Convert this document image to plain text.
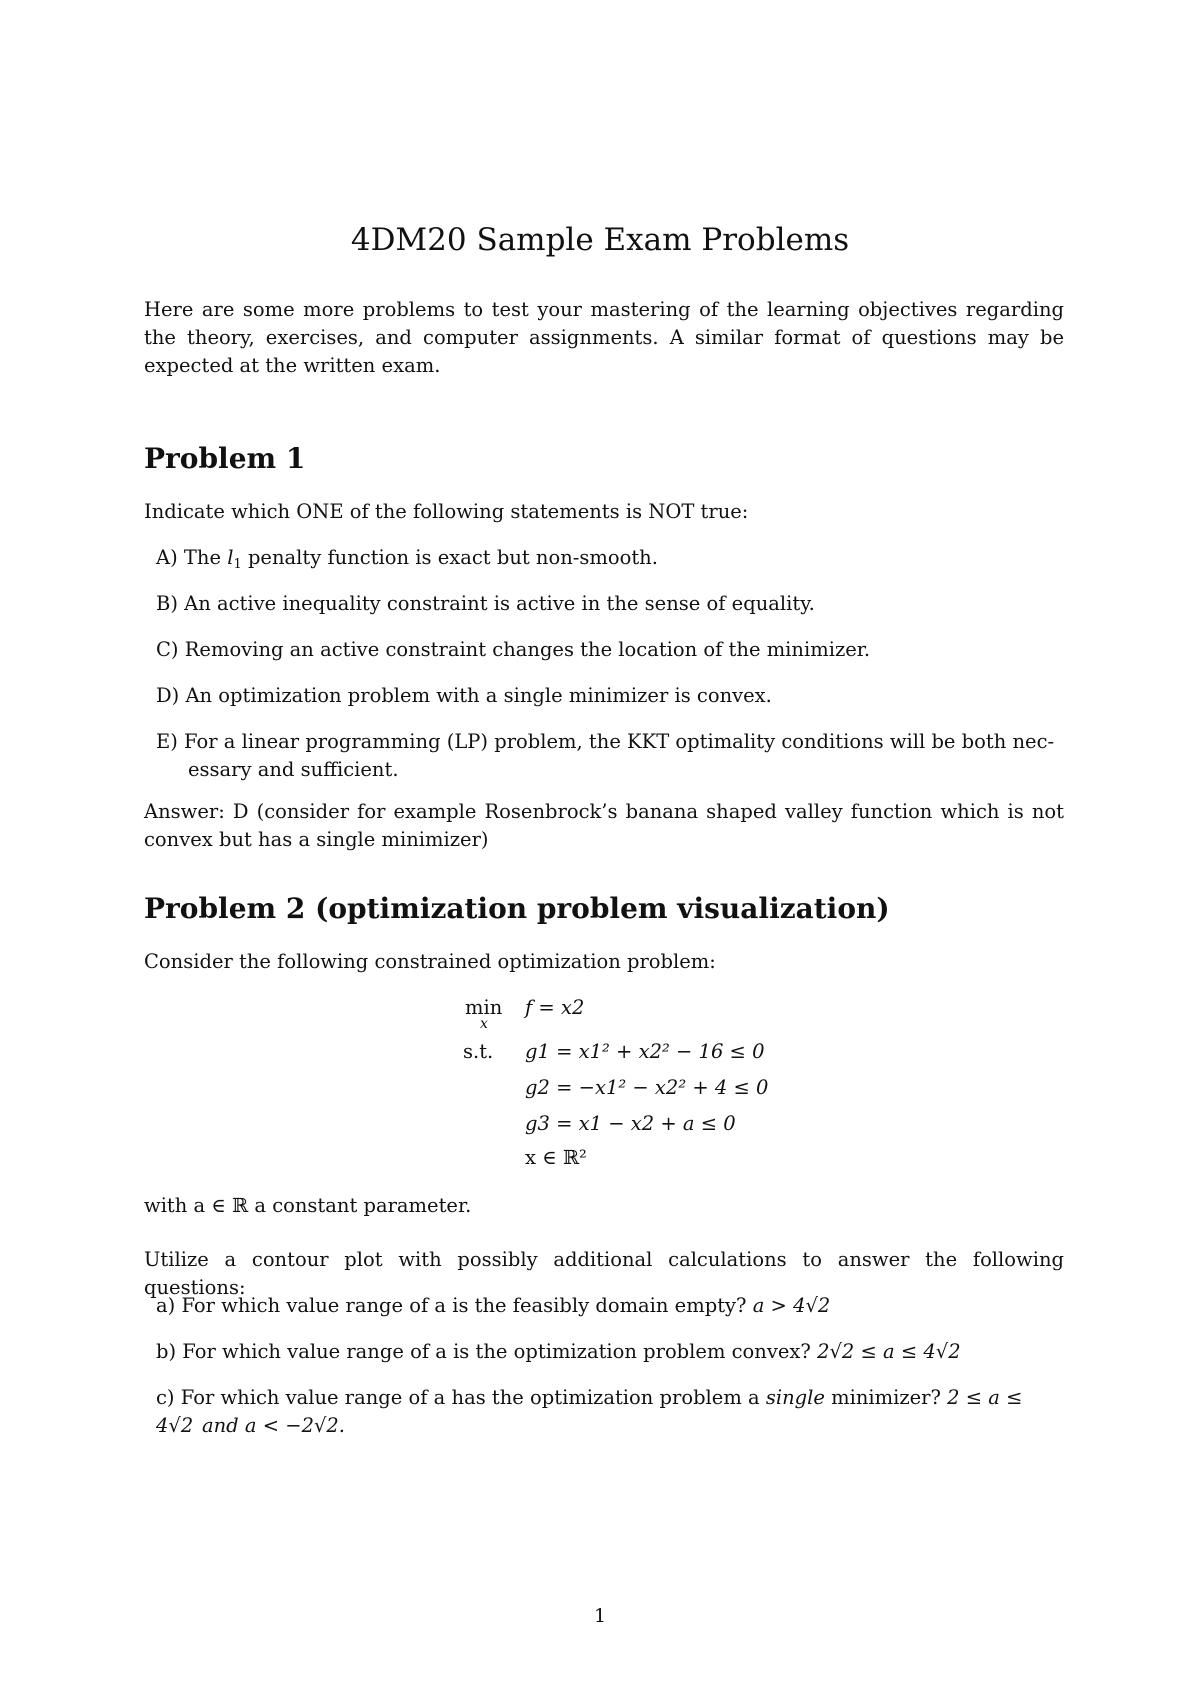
4DM20 Sample Exam Problems
Here are some more problems to test your mastering of the learning objectives regarding the theory, exercises, and computer assignments. A similar format of questions may be expected at the written exam.
Problem 1
Indicate which ONE of the following statements is NOT true:
A) The $l_1$ penalty function is exact but non-smooth.
B) An active inequality constraint is active in the sense of equality.
C) Removing an active constraint changes the location of the minimizer.
D) An optimization problem with a single minimizer is convex.
E) For a linear programming (LP) problem, the KKT optimality conditions will be both nec-essary and sufficient.
Answer: D (consider for example Rosenbrock’s banana shaped valley function which is not convex but has a single minimizer)
Problem 2 (optimization problem visualization)
Consider the following constrained optimization problem:
min
x
f = x2
s.t. g1 = x1² + x2² − 16 ≤ 0
g2 = −x1² − x2² + 4 ≤ 0
g3 = x1 − x2 + a ≤ 0
x ∈ ℝ²
with a ∈ ℝ a constant parameter.
Utilize a contour plot with possibly additional calculations to answer the following questions:
a) For which value range of a is the feasibly domain empty? a > 4√2
b) For which value range of a is the optimization problem convex? 2√2 ≤ a ≤ 4√2
c) For which value range of a has the optimization problem a single minimizer? 2 ≤ a ≤ 4√2 and a < −2√2.
1
